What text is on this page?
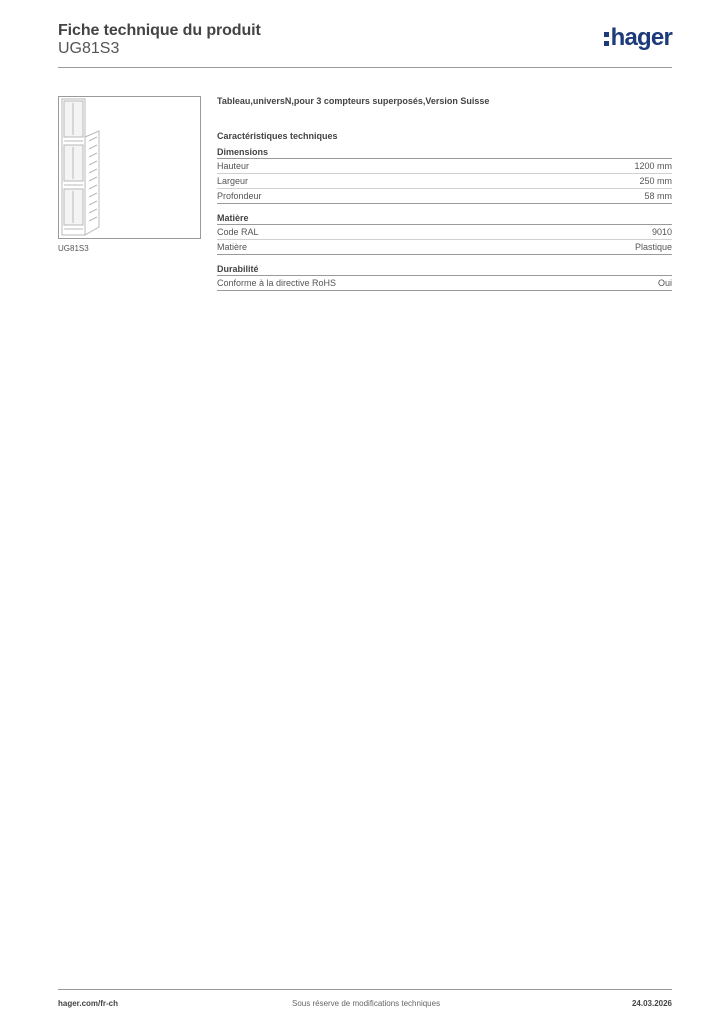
Fiche technique du produit
UG81S3	hager
UG81S3
Tableau,universN,pour 3 compteurs superposés,Version Suisse
Caractéristiques techniques
Dimensions
Hauteur	1200 mm
Largeur	250 mm
Profondeur	58 mm
Matière
Code RAL	9010
Matière	Plastique
Durabilité
Conforme à la directive RoHS	Oui
hager.com/fr-ch	Sous réserve de modifications techniques	24.03.2026
